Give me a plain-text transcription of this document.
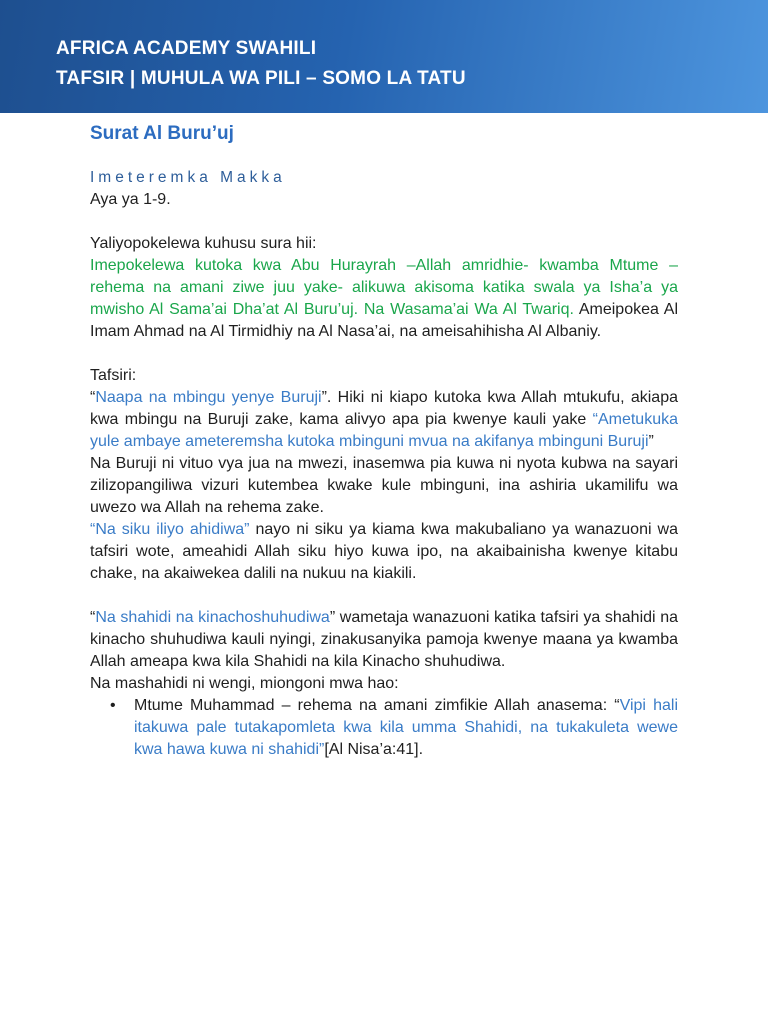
AFRICA ACADEMY SWAHILI
TAFSIR | MUHULA WA PILI – SOMO LA TATU
Surat Al Buru’uj
Imeteremka Makka

Aya ya 1-9.

Yaliyopokelewa kuhusu sura hii:

Imepokelewa kutoka kwa Abu Hurayrah –Allah amridhie- kwamba Mtume – rehema na amani ziwe juu yake- alikuwa akisoma katika swala ya Isha’a ya mwisho Al Sama’ai Dha’at Al Buru’uj. Na Wasama’ai Wa Al Twariq. Ameipokea Al Imam Ahmad na Al Tirmidhiy na Al Nasa’ai, na ameisahihisha Al Albaniy.

Tafsiri:

“Naapa na mbingu yenye Buruji”. Hiki ni kiapo kutoka kwa Allah mtukufu, akiapa kwa mbingu na Buruji zake, kama alivyo apa pia kwenye kauli yake “Ametukuka yule ambaye ameteremsha kutoka mbinguni mvua na akifanya mbinguni Buruji”

Na Buruji ni vituo vya jua na mwezi, inasemwa pia kuwa ni nyota kubwa na sayari zilizopangiliwa vizuri kutembea kwake kule mbinguni, ina ashiria ukamilifu wa uwezo wa Allah na rehema zake.

“Na siku iliyo ahidiwa” nayo ni siku ya kiama kwa makubaliano ya wanazuoni wa tafsiri wote, ameahidi Allah siku hiyo kuwa ipo, na akaibainisha kwenye kitabu chake, na akaiwekea dalili na nukuu na kiakili.

“Na shahidi na kinachoshuhudiwa” wametaja wanazuoni katika tafsiri ya shahidi na kinacho shuhudiwa kauli nyingi, zinakusanyika pamoja kwenye maana ya kwamba Allah ameapa kwa kila Shahidi na kila Kinacho shuhudiwa.

Na mashahidi ni wengi, miongoni mwa hao:

• Mtume Muhammad – rehema na amani zimfikie Allah anasema: “Vipi hali itakuwa pale tutakapomleta kwa kila umma Shahidi, na tukakuleta wewe kwa hawa kuwa ni shahidi”[Al Nisa’a:41].
